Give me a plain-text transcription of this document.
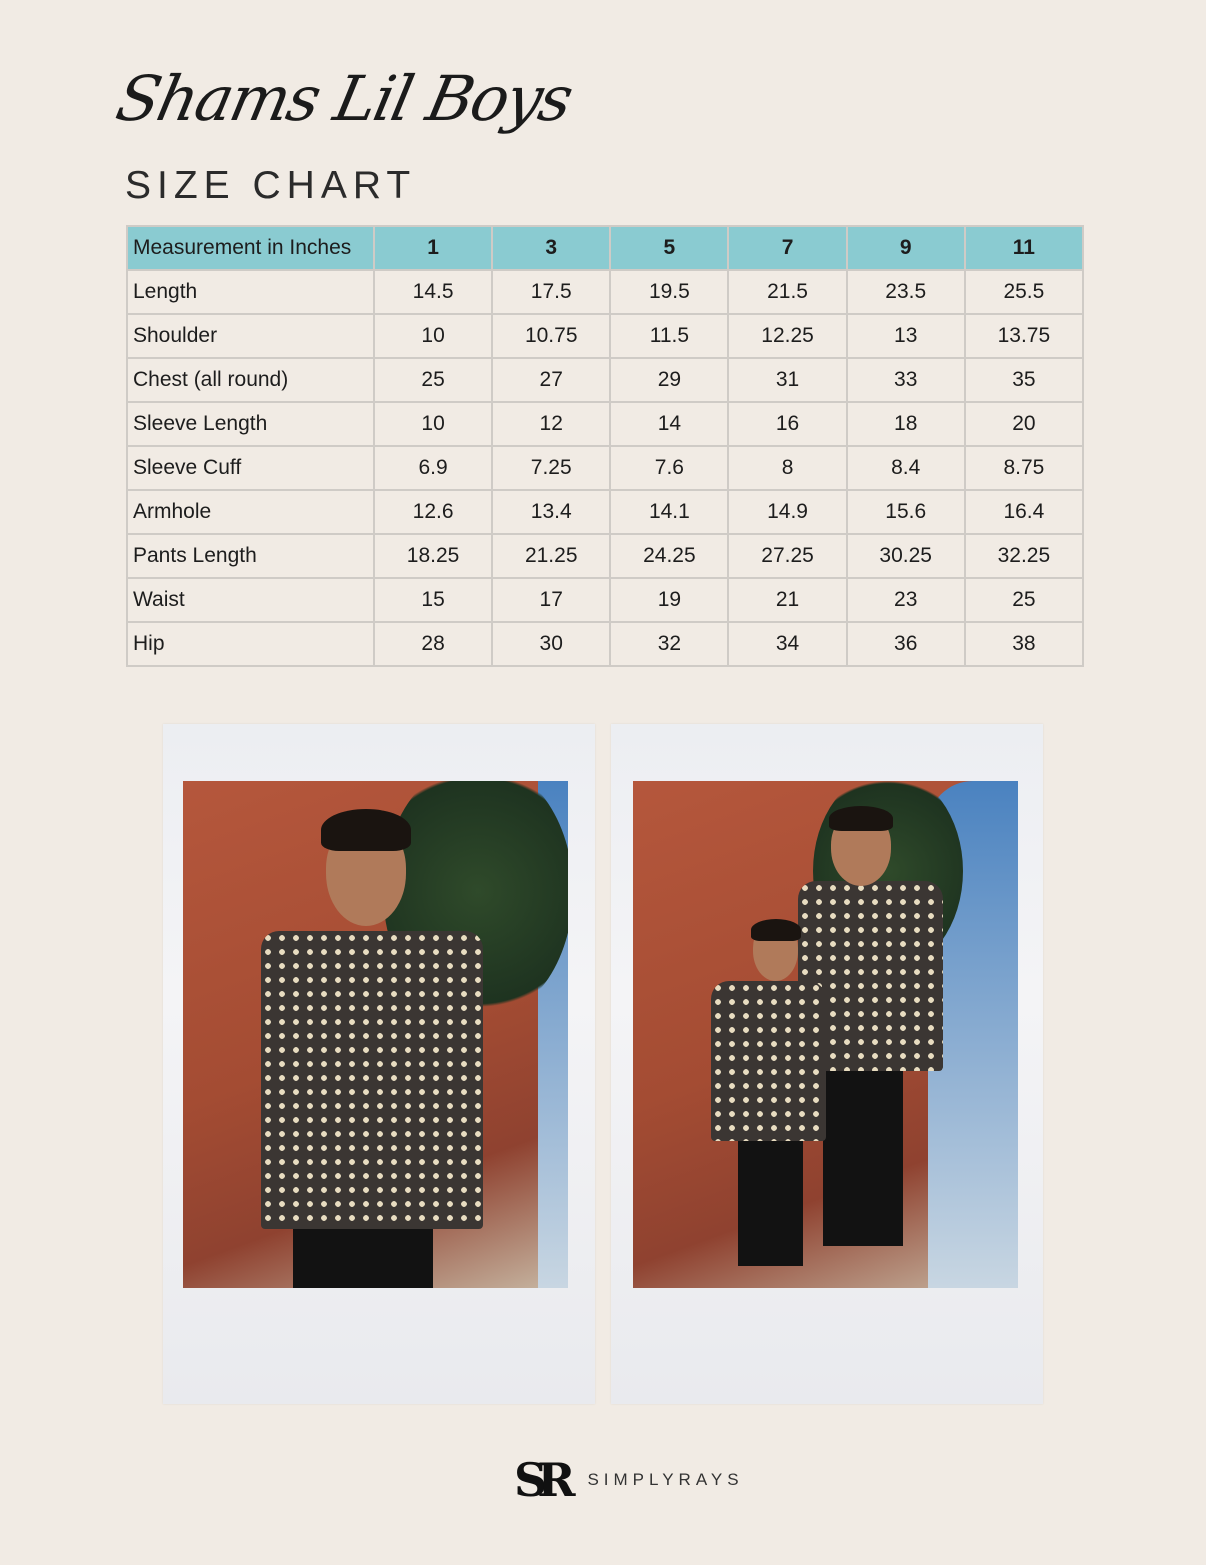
Shams Lil Boys
SIZE CHART
Measurement in Inches	1	3	5	7	9	11
Length	14.5	17.5	19.5	21.5	23.5	25.5
Shoulder	10	10.75	11.5	12.25	13	13.75
Chest (all round)	25	27	29	31	33	35
Sleeve Length	10	12	14	16	18	20
Sleeve Cuff	6.9	7.25	7.6	8	8.4	8.75
Armhole	12.6	13.4	14.1	14.9	15.6	16.4
Pants Length	18.25	21.25	24.25	27.25	30.25	32.25
Waist	15	17	19	21	23	25
Hip	28	30	32	34	36	38
SR SIMPLYRAYS
